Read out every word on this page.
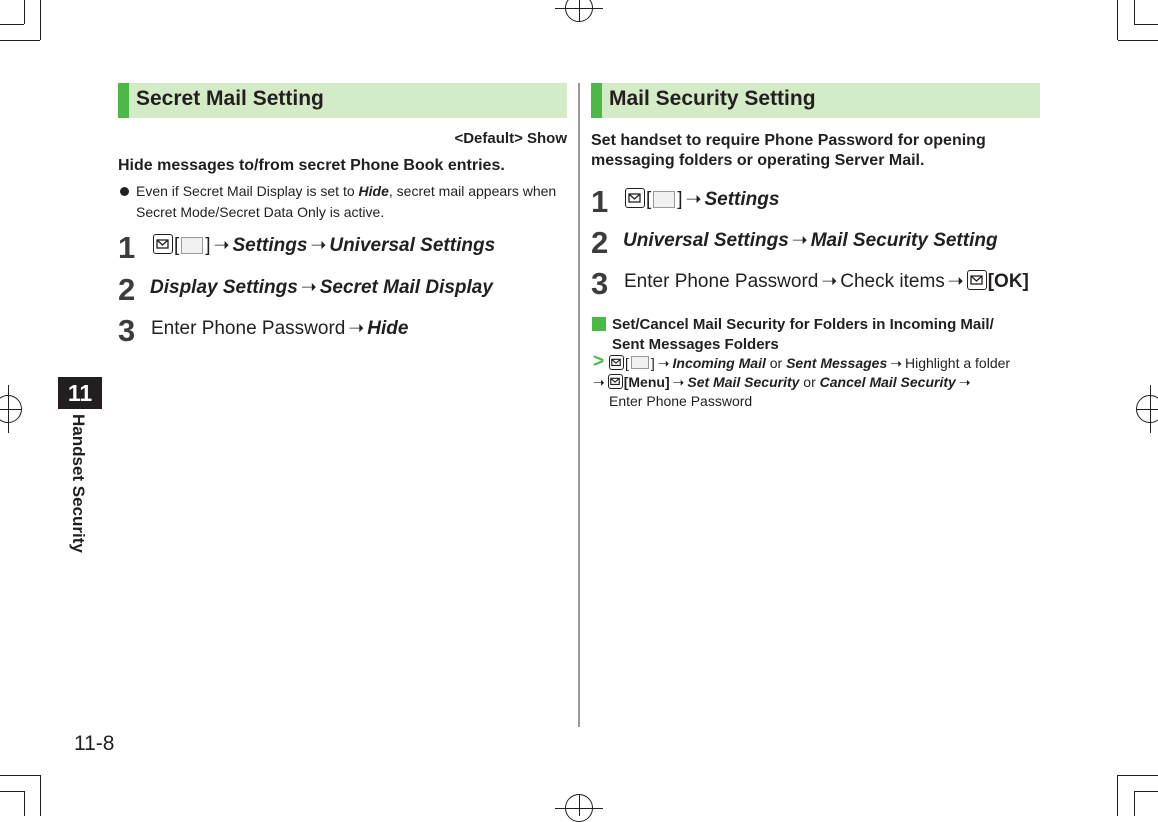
11
Handset Security
11-8
Secret Mail Setting
<Default> Show
Hide messages to/from secret Phone Book entries.
Even if Secret Mail Display is set to Hide, secret mail appears when
Secret Mode/Secret Data Only is active.
1	[ ] ➝ Settings ➝ Universal Settings
2 Display Settings ➝ Secret Mail Display
3 Enter Phone Password ➝ Hide
Mail Security Setting
Set handset to require Phone Password for opening
messaging folders or operating Server Mail.
1	[ ] ➝ Settings
2 Universal Settings ➝ Mail Security Setting
3 Enter Phone Password ➝ Check items ➝ [OK]
Set/Cancel Mail Security for Folders in Incoming Mail/
Sent Messages Folders
>	[ ] ➝ Incoming Mail or Sent Messages ➝ Highlight a folder
➝ [Menu] ➝ Set Mail Security or Cancel Mail Security ➝
Enter Phone Password
